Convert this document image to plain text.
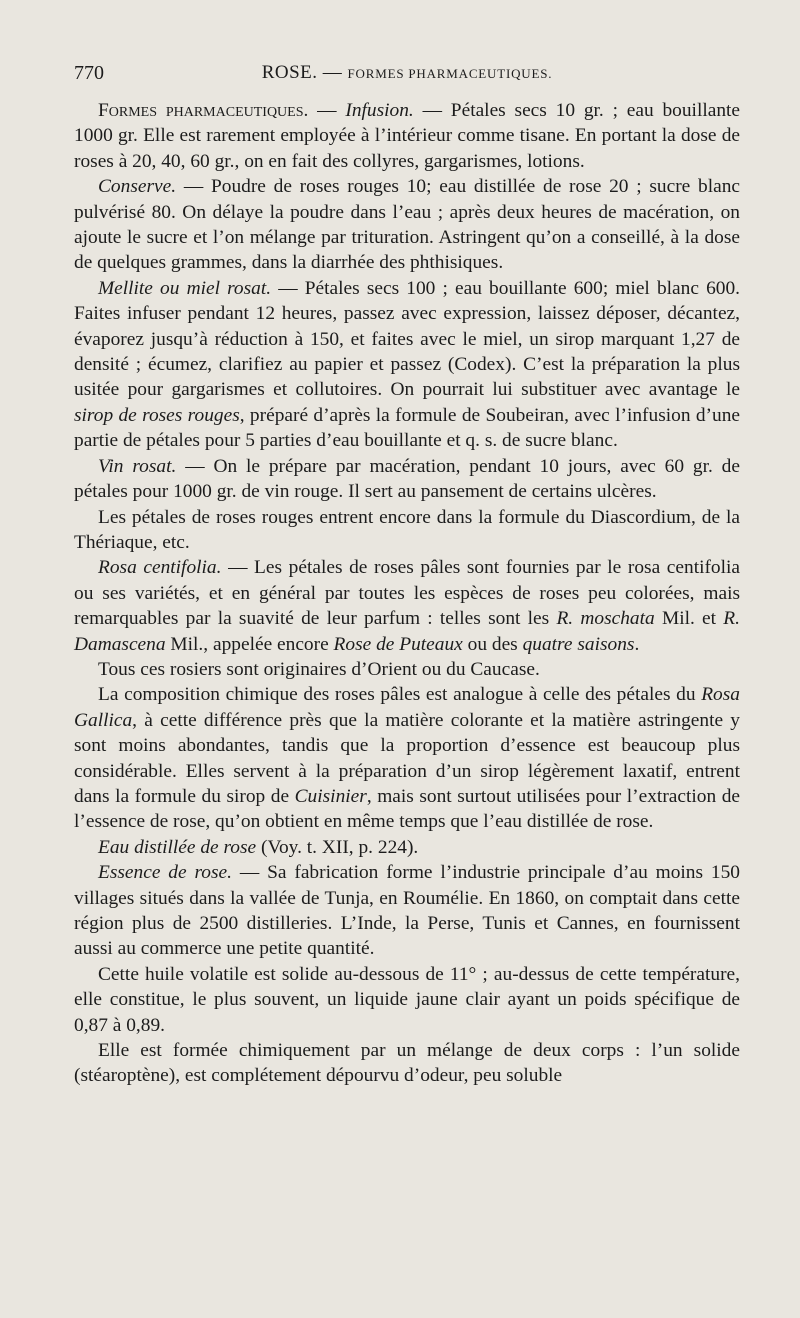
770	ROSE. — FORMES PHARMACEUTIQUES.

Formes pharmaceutiques. — Infusion. — Pétales secs 10 gr. ; eau bouillante 1000 gr. Elle est rarement employée à l’intérieur comme tisane. En portant la dose de roses à 20, 40, 60 gr., on en fait des collyres, gargarismes, lotions.

Conserve. — Poudre de roses rouges 10; eau distillée de rose 20 ; sucre blanc pulvérisé 80. On délaye la poudre dans l’eau ; après deux heures de macération, on ajoute le sucre et l’on mélange par trituration. Astringent qu’on a conseillé, à la dose de quelques grammes, dans la diarrhée des phthisiques.

Mellite ou miel rosat. — Pétales secs 100 ; eau bouillante 600; miel blanc 600. Faites infuser pendant 12 heures, passez avec expression, laissez déposer, décantez, évaporez jusqu’à réduction à 150, et faites avec le miel, un sirop marquant 1,27 de densité ; écumez, clarifiez au papier et passez (Codex). C’est la préparation la plus usitée pour gargarismes et collutoires. On pourrait lui substituer avec avantage le sirop de roses rouges, préparé d’après la formule de Soubeiran, avec l’infusion d’une partie de pétales pour 5 parties d’eau bouillante et q. s. de sucre blanc.

Vin rosat. — On le prépare par macération, pendant 10 jours, avec 60 gr. de pétales pour 1000 gr. de vin rouge. Il sert au pansement de certains ulcères.

Les pétales de roses rouges entrent encore dans la formule du Diascordium, de la Thériaque, etc.

Rosa centifolia. — Les pétales de roses pâles sont fournies par le rosa centifolia ou ses variétés, et en général par toutes les espèces de roses peu colorées, mais remarquables par la suavité de leur parfum : telles sont les R. moschata Mil. et R. Damascena Mil., appelée encore Rose de Puteaux ou des quatre saisons.

Tous ces rosiers sont originaires d’Orient ou du Caucase.

La composition chimique des roses pâles est analogue à celle des pétales du Rosa Gallica, à cette différence près que la matière colorante et la matière astringente y sont moins abondantes, tandis que la proportion d’essence est beaucoup plus considérable. Elles servent à la préparation d’un sirop légèrement laxatif, entrent dans la formule du sirop de Cuisinier, mais sont surtout utilisées pour l’extraction de l’essence de rose, qu’on obtient en même temps que l’eau distillée de rose.

Eau distillée de rose (Voy. t. XII, p. 224).

Essence de rose. — Sa fabrication forme l’industrie principale d’au moins 150 villages situés dans la vallée de Tunja, en Roumélie. En 1860, on comptait dans cette région plus de 2500 distilleries. L’Inde, la Perse, Tunis et Cannes, en fournissent aussi au commerce une petite quantité.

Cette huile volatile est solide au-dessous de 11° ; au-dessus de cette température, elle constitue, le plus souvent, un liquide jaune clair ayant un poids spécifique de 0,87 à 0,89.

Elle est formée chimiquement par un mélange de deux corps : l’un solide (stéaroptène), est complétement dépourvu d’odeur, peu soluble
